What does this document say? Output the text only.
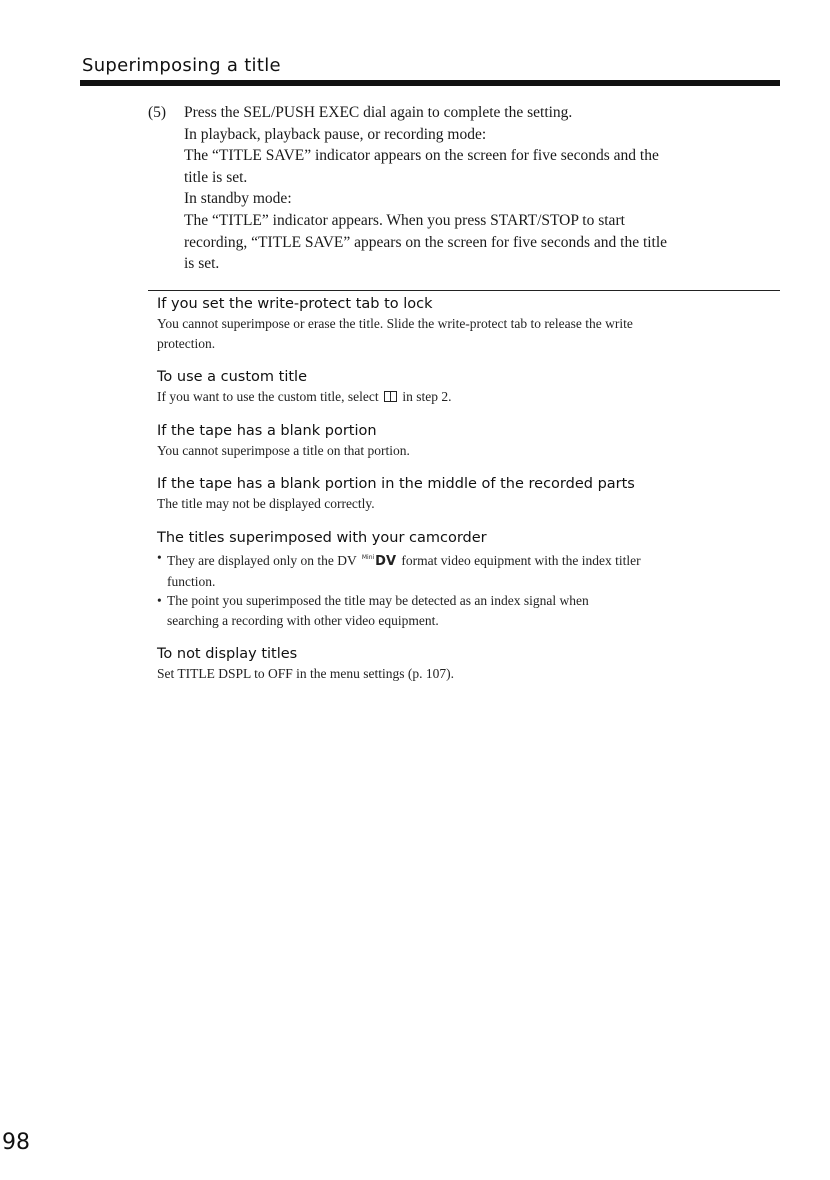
Superimposing a title
(5)	Press the SEL/PUSH EXEC dial again to complete the setting.
In playback, playback pause, or recording mode:
The “TITLE SAVE” indicator appears on the screen for five seconds and the
title is set.
In standby mode:
The “TITLE” indicator appears. When you press START/STOP to start
recording, “TITLE SAVE” appears on the screen for five seconds and the title
is set.
If you set the write-protect tab to lock
You cannot superimpose or erase the title. Slide the write-protect tab to release the write
protection.
To use a custom title
If you want to use the custom title, select in step 2.
If the tape has a blank portion
You cannot superimpose a title on that portion.
If the tape has a blank portion in the middle of the recorded parts
The title may not be displayed correctly.
The titles superimposed with your camcorder
• They are displayed only on the DV $^{Mini}$DV format video equipment with the index titler
function.
• The point you superimposed the title may be detected as an index signal when
searching a recording with other video equipment.
To not display titles
Set TITLE DSPL to OFF in the menu settings (p. 107).
98
